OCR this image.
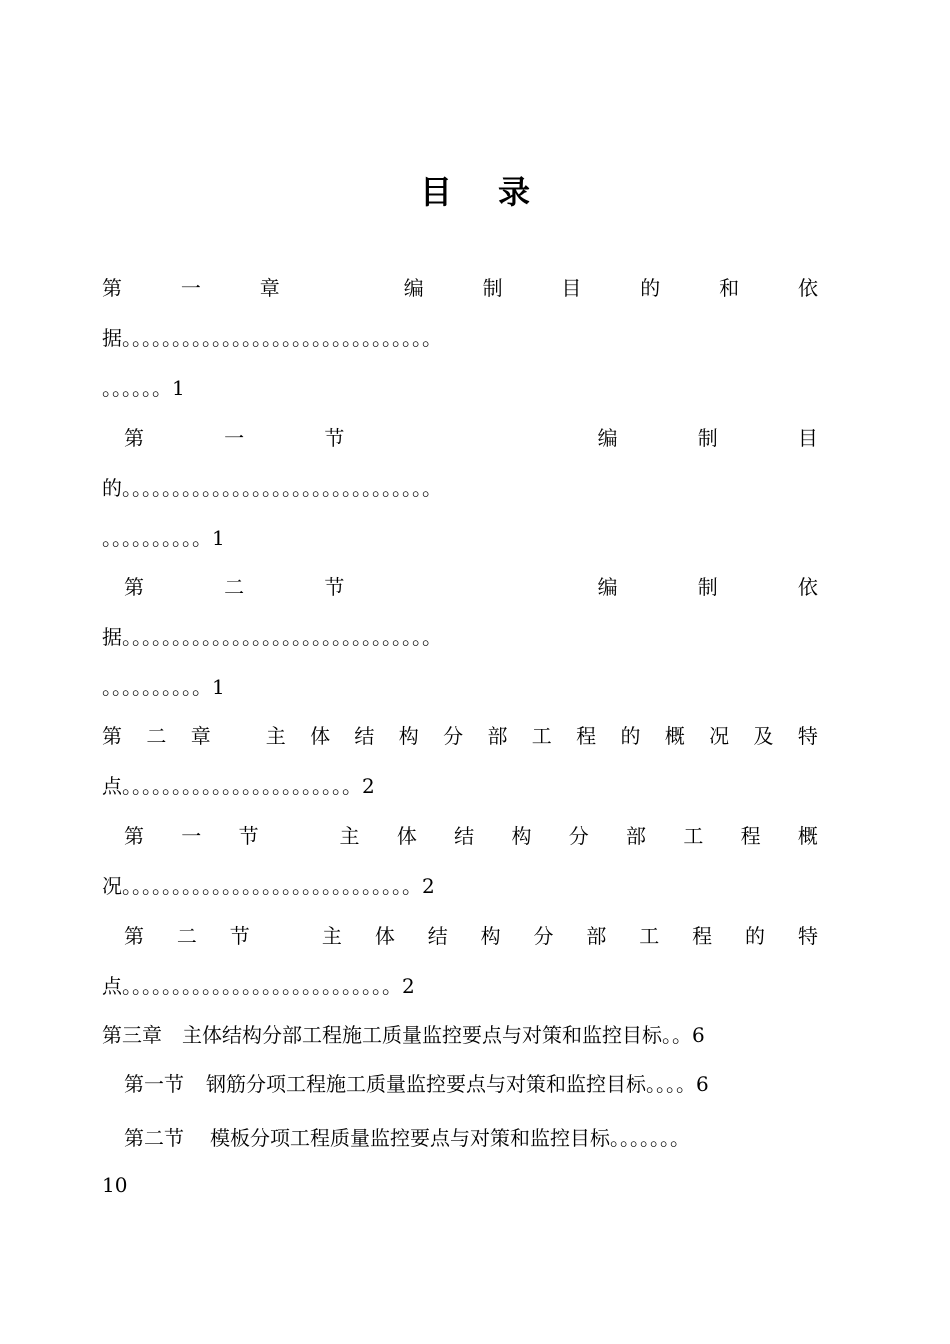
目 录
第	一	章
	编	制	目	的	和	依
据。。。。。。。。。。。。。。。。。。。。。。。。。。。。。。。
。。。。。。1
第	一	节

	编	制	目
的。。。。。。。。。。。。。。。。。。。。。。。。。。。。。。。
。。。。。。。。。。1
第	二	节

	编	制	依
据。。。。。。。。。。。。。。。。。。。。。。。。。。。。。。。
。。。。。。。。。。1
第 二 章
	主 体 结 构 分 部 工 程 的 概 况 及 特
点。。。。。。。。。。。。。。。。。。。。。。。2
第 一 节
	主 体 结 构 分 部 工 程 概
况。。。。。。。。。。。。。。。。。。。。。。。。。。。。。2
第 二 节
	主 体 结 构 分 部 工 程 的 特
点。。。。。。。。。。。。。。。。。。。。。。。。。。。2
第三章 主体结构分部工程施工质量监控要点与对策和监控目标。。6
第一节 钢筋分项工程施工质量监控要点与对策和监控目标。。。。6
第二节 模板分项工程质量监控要点与对策和监控目标。。。。。。。
10
